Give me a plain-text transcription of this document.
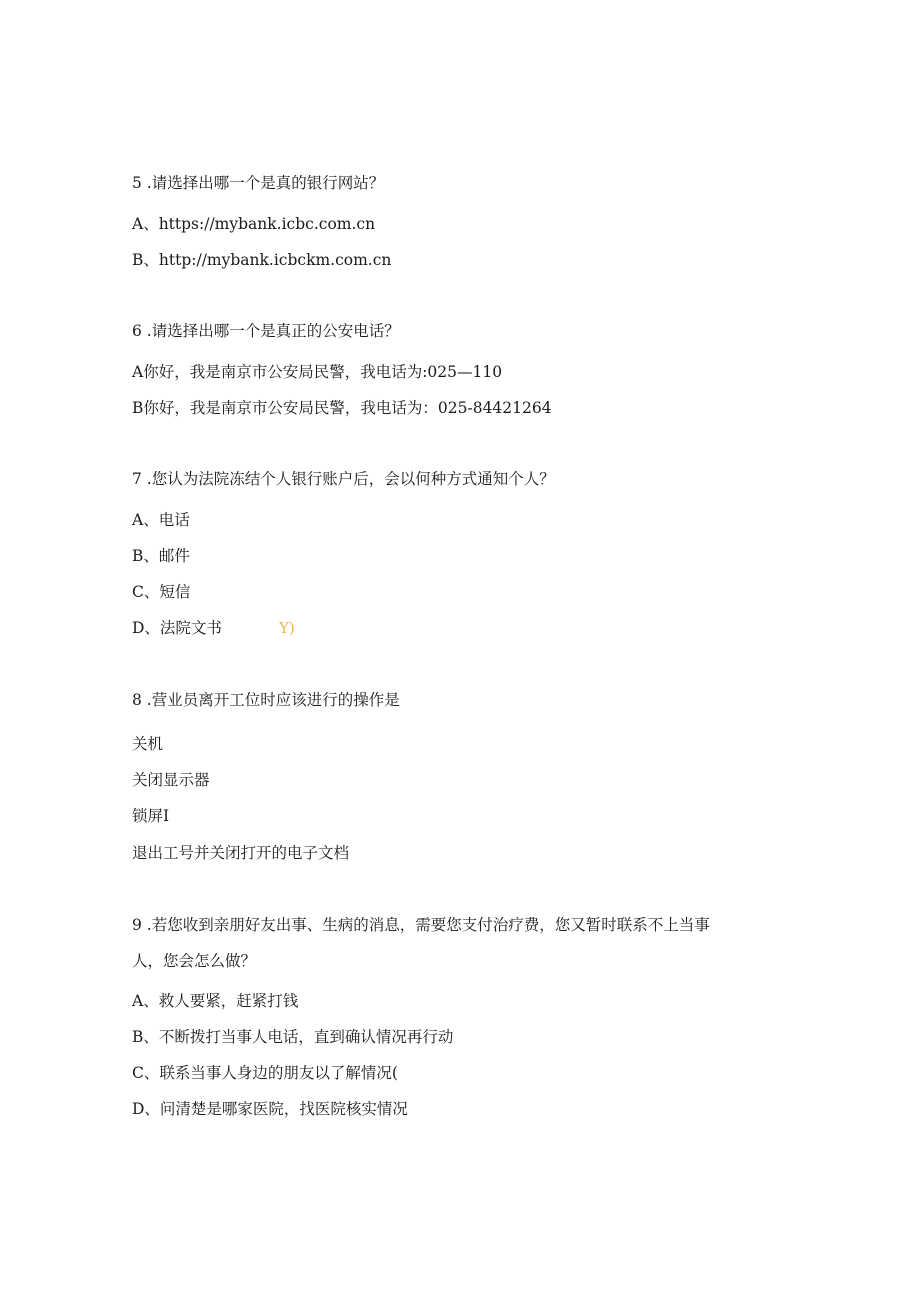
5 .请选择出哪一个是真的银行网站？
A、https://mybank.icbc.com.cn
B、http://mybank.icbckm.com.cn
6 .请选择出哪一个是真正的公安电话？
A你好，我是南京市公安局民警，我电话为:025—110
B你好，我是南京市公安局民警，我电话为：025-84421264
7 .您认为法院冻结个人银行账户后，会以何种方式通知个人？
A、电话
B、邮件
C、短信
D、法院文书	Y)
8 .营业员离开工位时应该进行的操作是
关机
关闭显示器
锁屏I
退出工号并关闭打开的电子文档
9 .若您收到亲朋好友出事、生病的消息，需要您支付治疗费，您又暂时联系不上当事
人，您会怎么做？
A、救人要紧，赶紧打钱
B、不断拨打当事人电话，直到确认情况再行动
C、联系当事人身边的朋友以了解情况(
D、问清楚是哪家医院，找医院核实情况
